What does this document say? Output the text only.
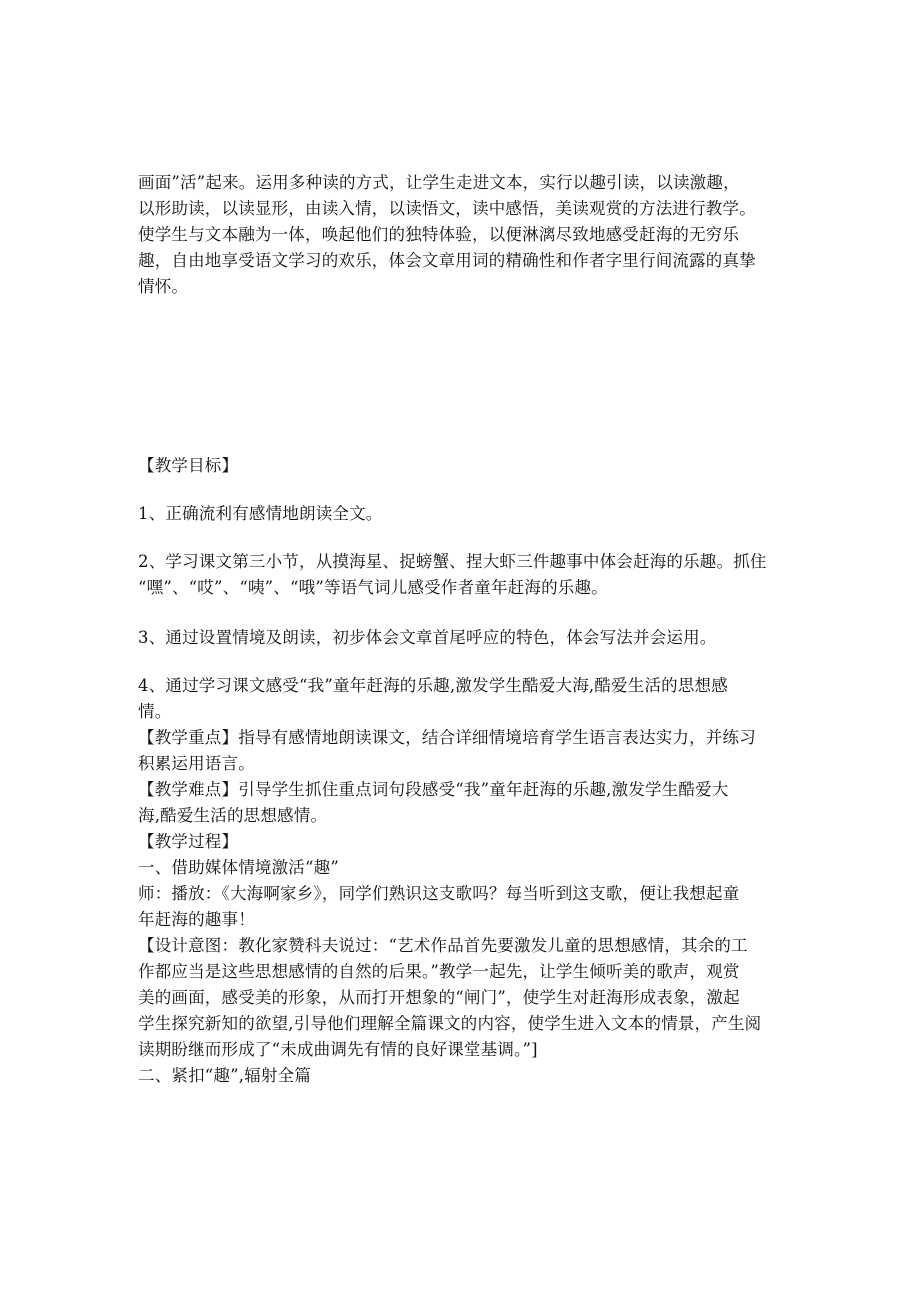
画面”活”起来。运用多种读的方式，让学生走进文本，实行以趣引读，以读激趣，
以形助读，以读显形，由读入情，以读悟文，读中感悟，美读观赏的方法进行教学。
使学生与文本融为一体，唤起他们的独特体验，以便淋漓尽致地感受赶海的无穷乐
趣，自由地享受语文学习的欢乐，体会文章用词的精确性和作者字里行间流露的真挚
情怀。
【教学目标】
1、正确流利有感情地朗读全文。
2、学习课文第三小节，从摸海星、捉螃蟹、捏大虾三件趣事中体会赶海的乐趣。抓住
“嘿”、“哎”、“咦”、“哦”等语气词儿感受作者童年赶海的乐趣。
3、通过设置情境及朗读，初步体会文章首尾呼应的特色，体会写法并会运用。
4、通过学习课文感受“我”童年赶海的乐趣,激发学生酷爱大海,酷爱生活的思想感
情。
【教学重点】指导有感情地朗读课文，结合详细情境培育学生语言表达实力，并练习
积累运用语言。
【教学难点】引导学生抓住重点词句段感受“我”童年赶海的乐趣,激发学生酷爱大
海,酷爱生活的思想感情。
【教学过程】
一、借助媒体情境激活“趣”
师：播放：《大海啊家乡》，同学们熟识这支歌吗？每当听到这支歌，便让我想起童
年赶海的趣事！
【设计意图：教化家赞科夫说过：“艺术作品首先要激发儿童的思想感情，其余的工
作都应当是这些思想感情的自然的后果。”教学一起先，让学生倾听美的歌声，观赏
美的画面，感受美的形象，从而打开想象的“闸门”，使学生对赶海形成表象，激起
学生探究新知的欲望,引导他们理解全篇课文的内容，使学生进入文本的情景，产生阅
读期盼继而形成了“未成曲调先有情的良好课堂基调。”]
二、紧扣“趣”,辐射全篇
